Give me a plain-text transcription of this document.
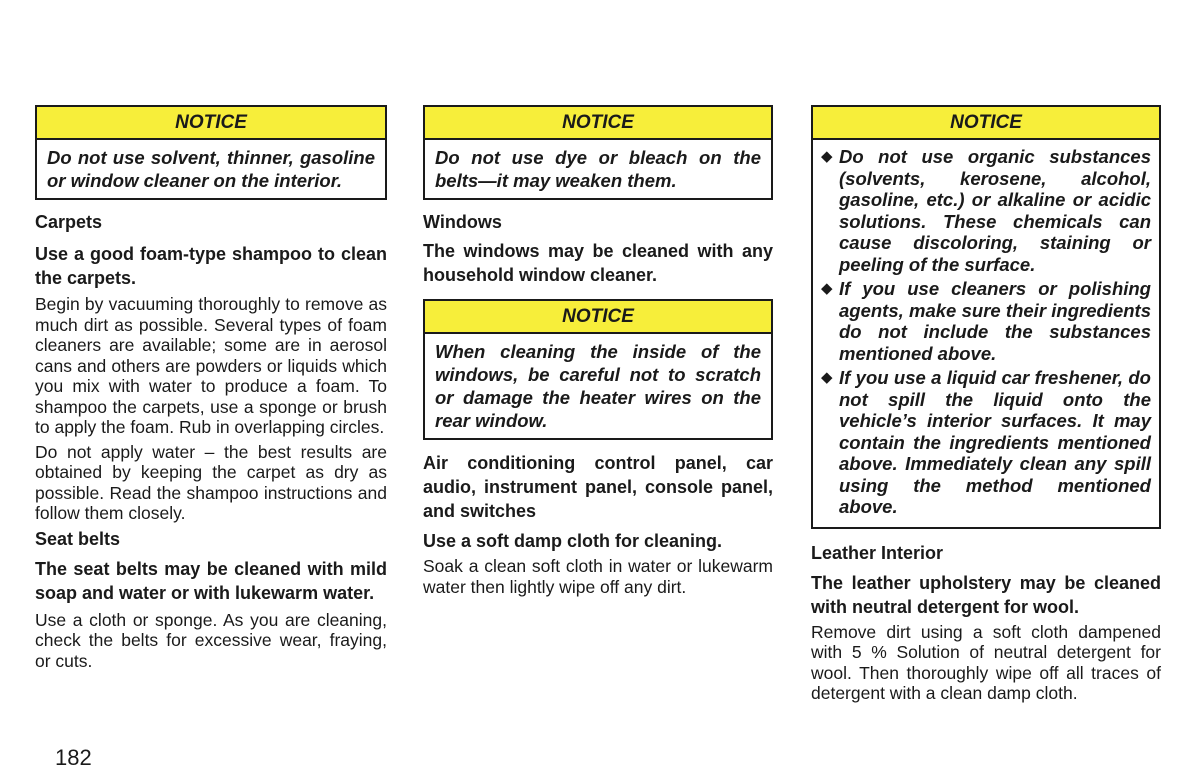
NOTICE
Do not use solvent, thinner, gasoline or window cleaner on the interior.
Carpets
Use a good foam-type shampoo to clean the carpets.
Begin by vacuuming thoroughly to remove as much dirt as possible. Several types of foam cleaners are available; some are in aerosol cans and others are powders or liquids which you mix with water to produce a foam. To shampoo the carpets, use a sponge or brush to apply the foam. Rub in overlapping circles.
Do not apply water – the best results are obtained by keeping the carpet as dry as possible. Read the shampoo instructions and follow them closely.
Seat belts
The seat belts may be cleaned with mild soap and water or with lukewarm water.
Use a cloth or sponge. As you are cleaning, check the belts for excessive wear, fraying, or cuts.
NOTICE
Do not use dye or bleach on the belts—it may weaken them.
Windows
The windows may be cleaned with any household window cleaner.
NOTICE
When cleaning the inside of the windows, be careful not to scratch or damage the heater wires on the rear window.
Air conditioning control panel, car audio, instrument panel, console panel, and switches
Use a soft damp cloth for cleaning.
Soak a clean soft cloth in water or lukewarm water then lightly wipe off any dirt.
NOTICE
◆ Do not use organic substances (solvents, kerosene, alcohol, gasoline, etc.) or alkaline or acidic solutions. These chemicals can cause discoloring, staining or peeling of the surface.
◆ If you use cleaners or polishing agents, make sure their ingredients do not include the substances mentioned above.
◆ If you use a liquid car freshener, do not spill the liquid onto the vehicle’s interior surfaces. It may contain the ingredients mentioned above. Immediately clean any spill using the method mentioned above.
Leather Interior
The leather upholstery may be cleaned with neutral detergent for wool.
Remove dirt using a soft cloth dampened with 5 % Solution of neutral detergent for wool. Then thoroughly wipe off all traces of detergent with a clean damp cloth.
182
